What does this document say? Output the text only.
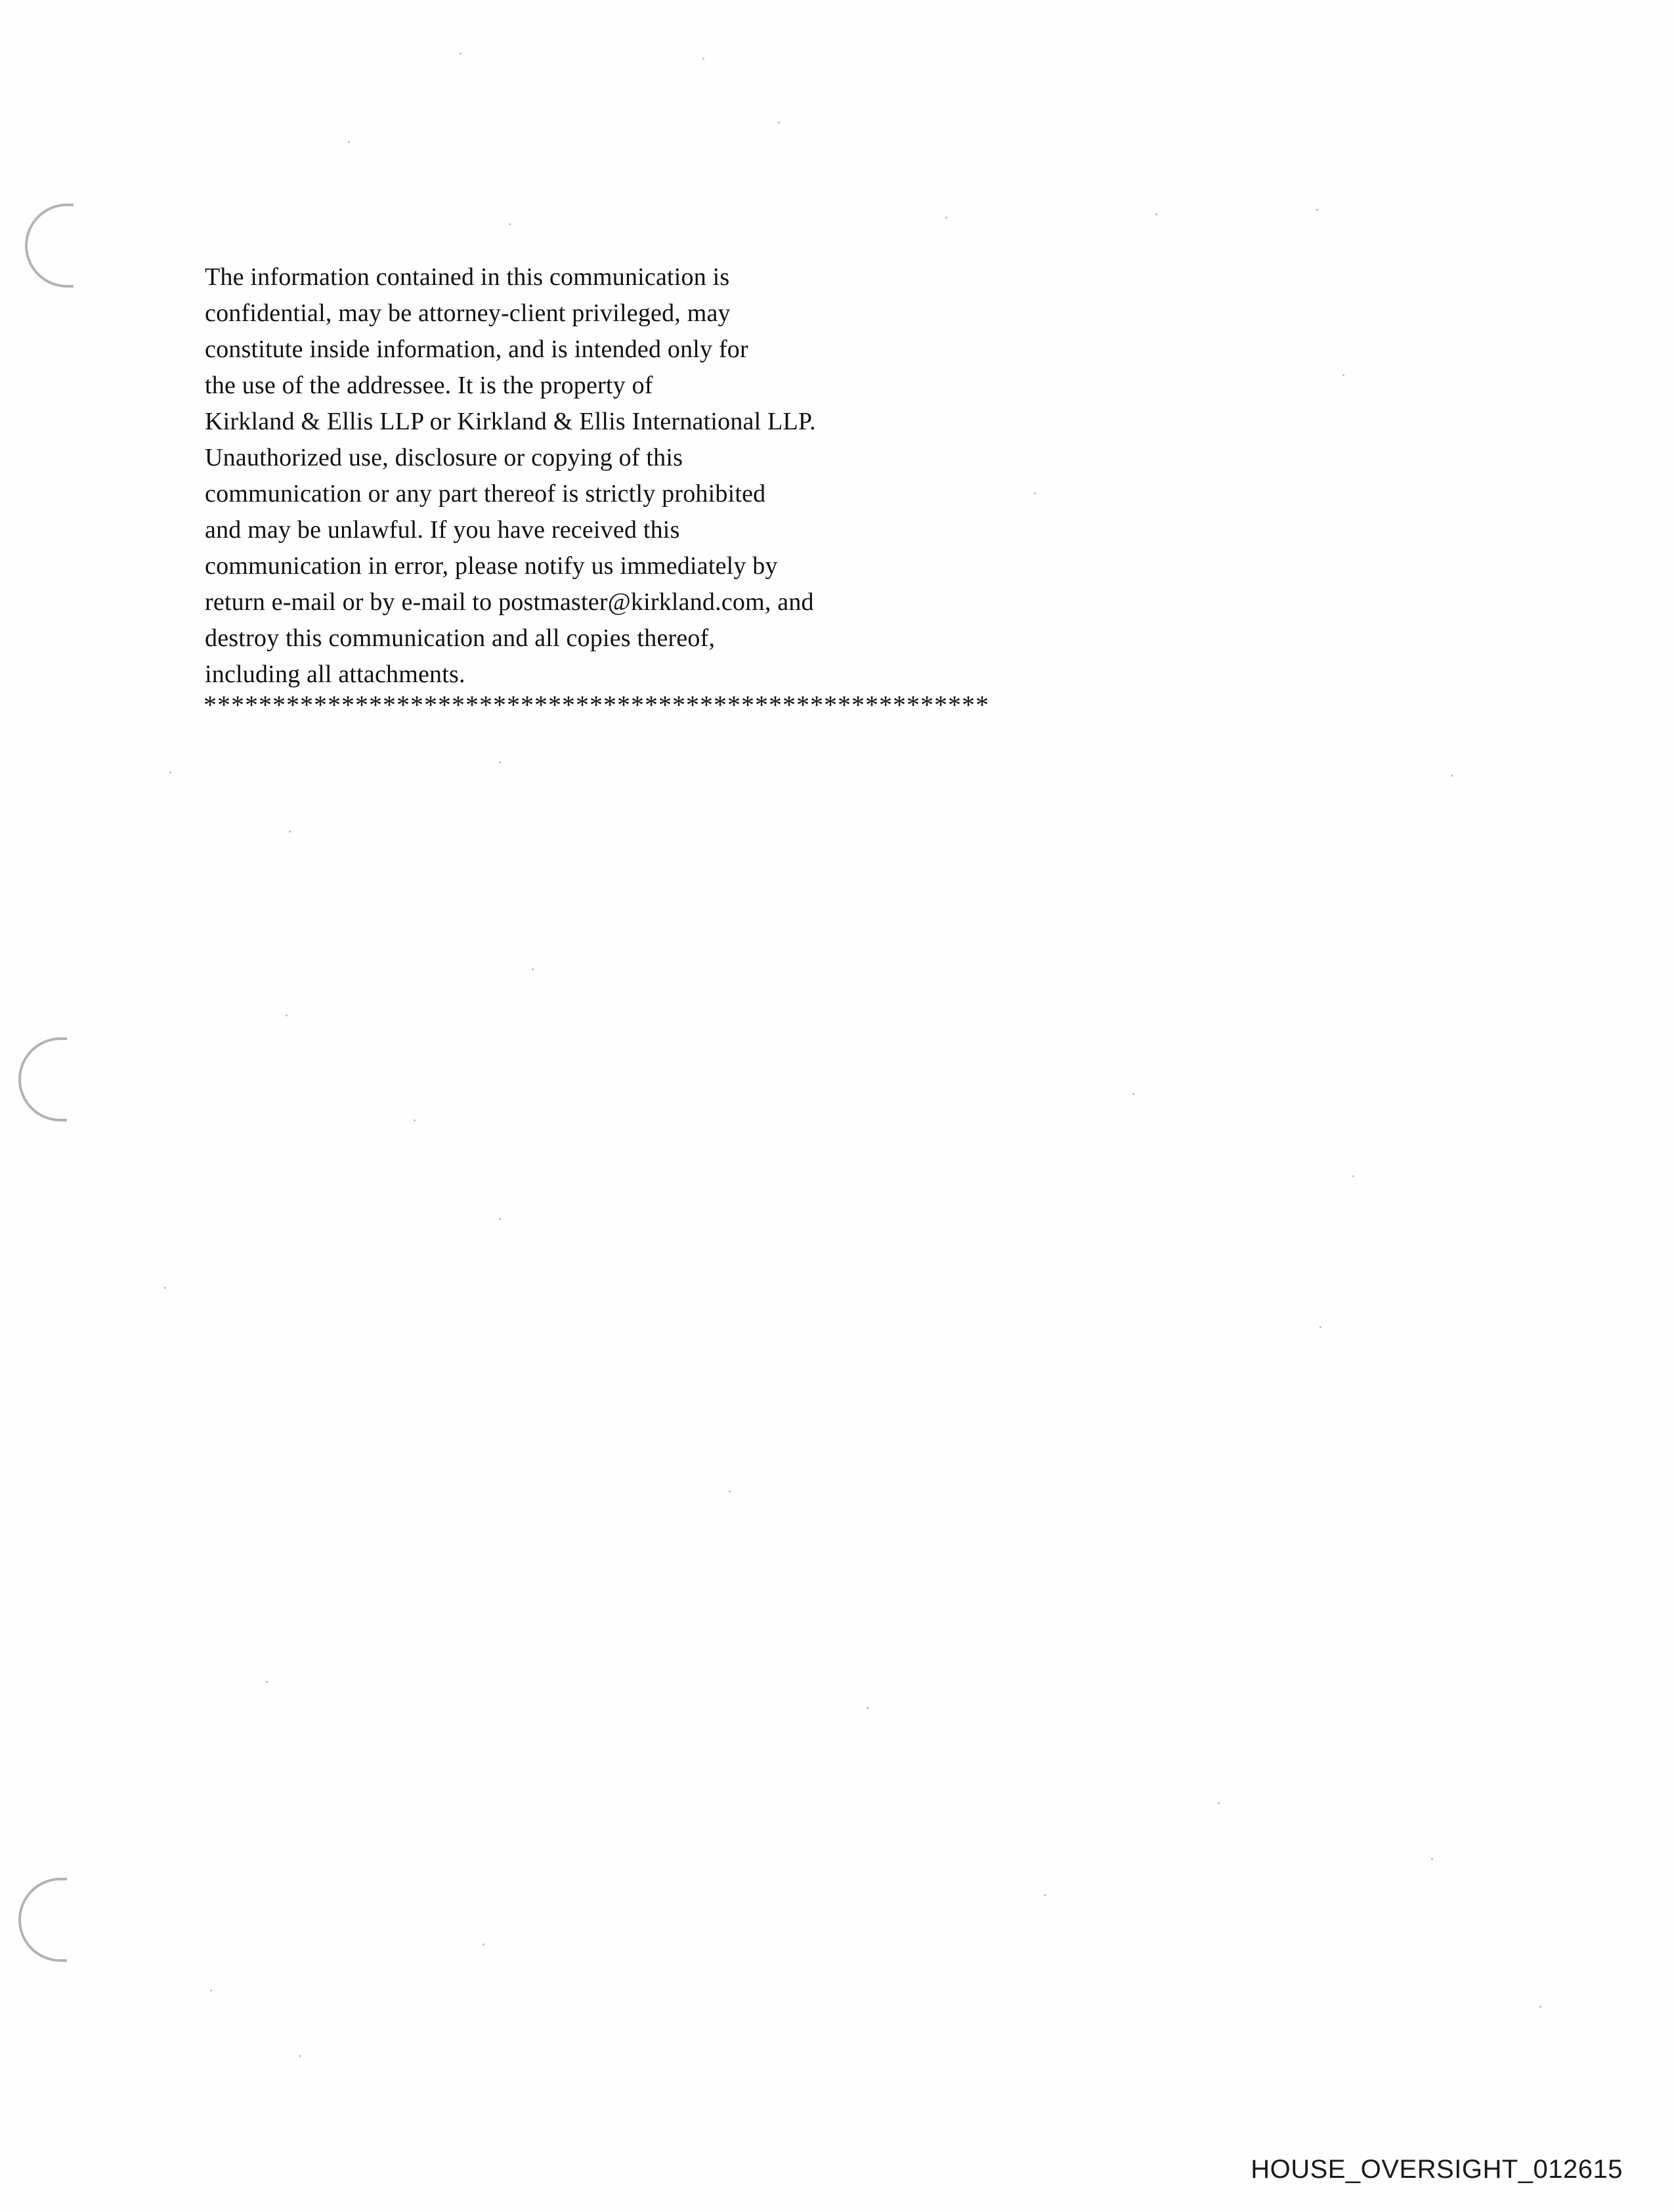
The information contained in this communication is
confidential, may be attorney-client privileged, may
constitute inside information, and is intended only for
the use of the addressee. It is the property of
Kirkland & Ellis LLP or Kirkland & Ellis International LLP.
Unauthorized use, disclosure or copying of this
communication or any part thereof is strictly prohibited
and may be unlawful. If you have received this
communication in error, please notify us immediately by
return e-mail or by e-mail to postmaster@kirkland.com, and
destroy this communication and all copies thereof,
including all attachments.
*********************************************************
HOUSE_OVERSIGHT_012615
